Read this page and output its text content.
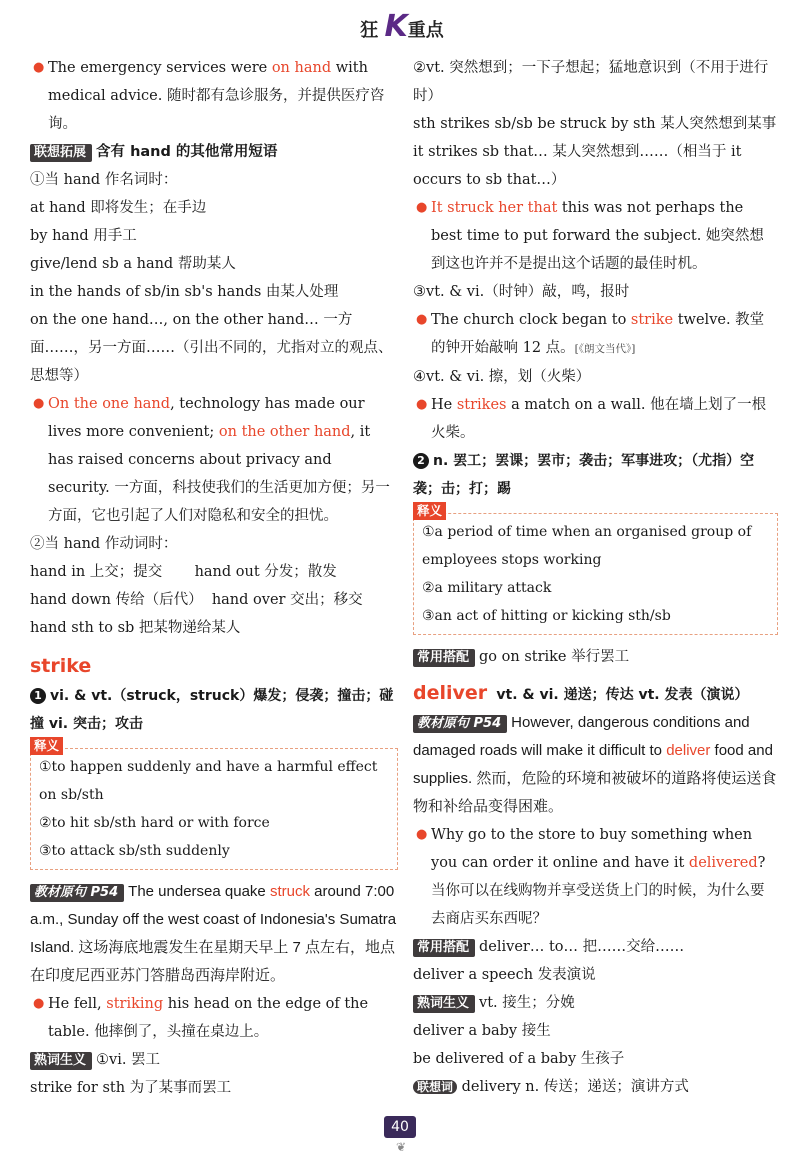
狂 K重点

● The emergency services were on hand with medical advice. 随时都有急诊服务，并提供医疗咨询。

联想拓展 含有 hand 的其他常用短语

①当 hand 作名词时：

at hand 即将发生；在手边

by hand 用手工

give/lend sb a hand 帮助某人

in the hands of sb/in sb's hands 由某人处理

on the one hand…, on the other hand… 一方面……，另一方面……（引出不同的，尤指对立的观点、思想等）

● On the one hand, technology has made our lives more convenient; on the other hand, it has raised concerns about privacy and security. 一方面，科技使我们的生活更加方便；另一方面，它也引起了人们对隐私和安全的担忧。

②当 hand 作动词时：

hand in 上交；提交 hand out 分发；散发

hand down 传给（后代） hand over 交出；移交

hand sth to sb 把某物递给某人

strike

1 vi. & vt.（struck，struck）爆发；侵袭；撞击；碰撞 vi. 突击；攻击

释义

①to happen suddenly and have a harmful effect on sb/sth

②to hit sb/sth hard or with force

③to attack sb/sth suddenly

教材原句 P54 The undersea quake struck around 7:00 a.m., Sunday off the west coast of Indonesia's Sumatra Island. 这场海底地震发生在星期天早上 7 点左右，地点在印度尼西亚苏门答腊岛西海岸附近。

● He fell, striking his head on the edge of the table. 他摔倒了，头撞在桌边上。

熟词生义 ①vi. 罢工

strike for sth 为了某事而罢工

②vt. 突然想到；一下子想起；猛地意识到（不用于进行时）

sth strikes sb/sb be struck by sth 某人突然想到某事

it strikes sb that… 某人突然想到……（相当于 it occurs to sb that…）

● It struck her that this was not perhaps the best time to put forward the subject. 她突然想到这也许并不是提出这个话题的最佳时机。

③vt. & vi.（时钟）敲，鸣，报时

● The church clock began to strike twelve. 教堂的钟开始敲响 12 点。[《朗文当代》]

④vt. & vi. 擦，划（火柴）

● He strikes a match on a wall. 他在墙上划了一根火柴。

2 n. 罢工；罢课；罢市；袭击；军事进攻；（尤指）空袭；击；打；踢

释义

①a period of time when an organised group of employees stops working

②a military attack

③an act of hitting or kicking sth/sb

常用搭配 go on strike 举行罢工

deliver vt. & vi. 递送；传达 vt. 发表（演说）

教材原句 P54 However, dangerous conditions and damaged roads will make it difficult to deliver food and supplies. 然而，危险的环境和被破坏的道路将使运送食物和补给品变得困难。

● Why go to the store to buy something when you can order it online and have it delivered? 当你可以在线购物并享受送货上门的时候，为什么要去商店买东西呢？

常用搭配 deliver… to… 把……交给……

deliver a speech 发表演说

熟词生义 vt. 接生；分娩

deliver a baby 接生

be delivered of a baby 生孩子

联想词 delivery n. 传送；递送；演讲方式

40
❦
